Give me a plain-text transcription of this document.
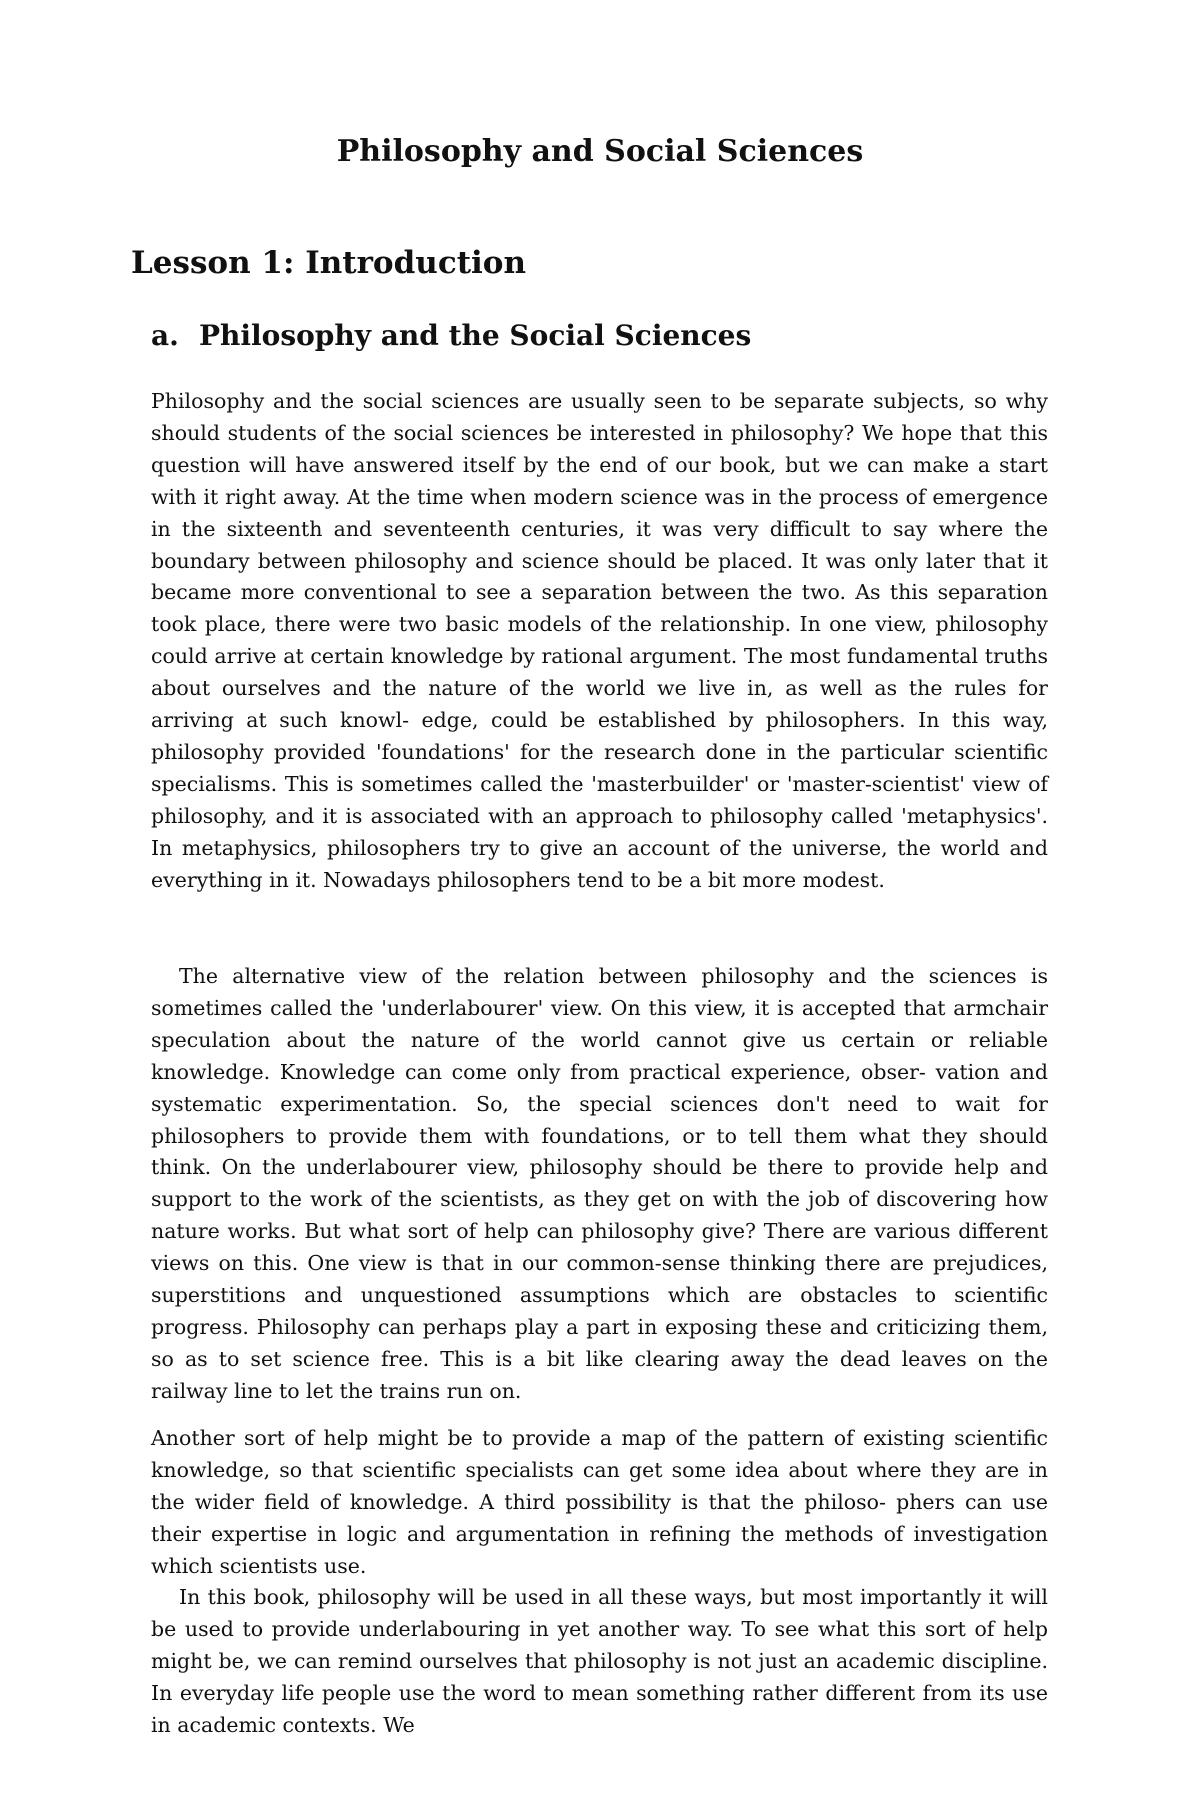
Philosophy and Social Sciences
Lesson 1: Introduction
a. Philosophy and the Social Sciences

Philosophy and the social sciences are usually seen to be separate subjects, so why should students of the social sciences be interested in philosophy? We hope that this question will have answered itself by the end of our book, but we can make a start with it right away. At the time when modern science was in the process of emergence in the sixteenth and seventeenth centuries, it was very difficult to say where the boundary between philosophy and science should be placed. It was only later that it became more conventional to see a separation between the two. As this separation took place, there were two basic models of the relationship. In one view, philosophy could arrive at certain knowledge by rational argument. The most fundamental truths about ourselves and the nature of the world we live in, as well as the rules for arriving at such knowl- edge, could be established by philosophers. In this way, philosophy provided 'foundations' for the research done in the particular scientific specialisms. This is sometimes called the 'masterbuilder' or 'master-scientist' view of philosophy, and it is associated with an approach to philosophy called 'metaphysics'. In metaphysics, philosophers try to give an account of the universe, the world and everything in it. Nowadays philosophers tend to be a bit more modest.

The alternative view of the relation between philosophy and the sciences is sometimes called the 'underlabourer' view. On this view, it is accepted that armchair speculation about the nature of the world cannot give us certain or reliable knowledge. Knowledge can come only from practical experience, obser- vation and systematic experimentation. So, the special sciences don't need to wait for philosophers to provide them with foundations, or to tell them what they should think. On the underlabourer view, philosophy should be there to provide help and support to the work of the scientists, as they get on with the job of discovering how nature works. But what sort of help can philosophy give? There are various different views on this. One view is that in our common-sense thinking there are prejudices, superstitions and unquestioned assumptions which are obstacles to scientific progress. Philosophy can perhaps play a part in exposing these and criticizing them, so as to set science free. This is a bit like clearing away the dead leaves on the railway line to let the trains run on.

Another sort of help might be to provide a map of the pattern of existing scientific knowledge, so that scientific specialists can get some idea about where they are in the wider field of knowledge. A third possibility is that the philoso- phers can use their expertise in logic and argumentation in refining the methods of investigation which scientists use.

In this book, philosophy will be used in all these ways, but most importantly it will be used to provide underlabouring in yet another way. To see what this sort of help might be, we can remind ourselves that philosophy is not just an academic discipline. In everyday life people use the word to mean something rather different from its use in academic contexts. We
